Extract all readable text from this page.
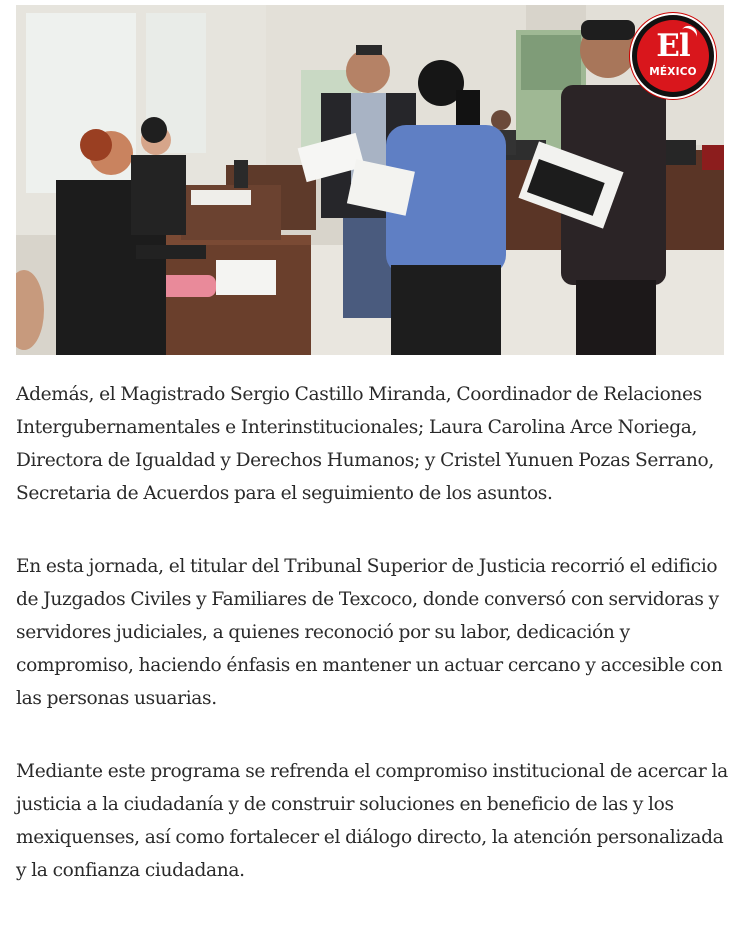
El
MÉXICO

Además, el Magistrado Sergio Castillo Miranda, Coordinador de Relaciones Intergubernamentales e Interinstitucionales; Laura Carolina Arce Noriega, Directora de Igualdad y Derechos Humanos; y Cristel Yunuen Pozas Serrano, Secretaria de Acuerdos para el seguimiento de los asuntos.

En esta jornada, el titular del Tribunal Superior de Justicia recorrió el edificio de Juzgados Civiles y Familiares de Texcoco, donde conversó con servidoras y servidores judiciales, a quienes reconoció por su labor, dedicación y compromiso, haciendo énfasis en mantener un actuar cercano y accesible con las personas usuarias.

Mediante este programa se refrenda el compromiso institucional de acercar la justicia a la ciudadanía y de construir soluciones en beneficio de las y los mexiquenses, así como fortalecer el diálogo directo, la atención personalizada y la confianza ciudadana.
